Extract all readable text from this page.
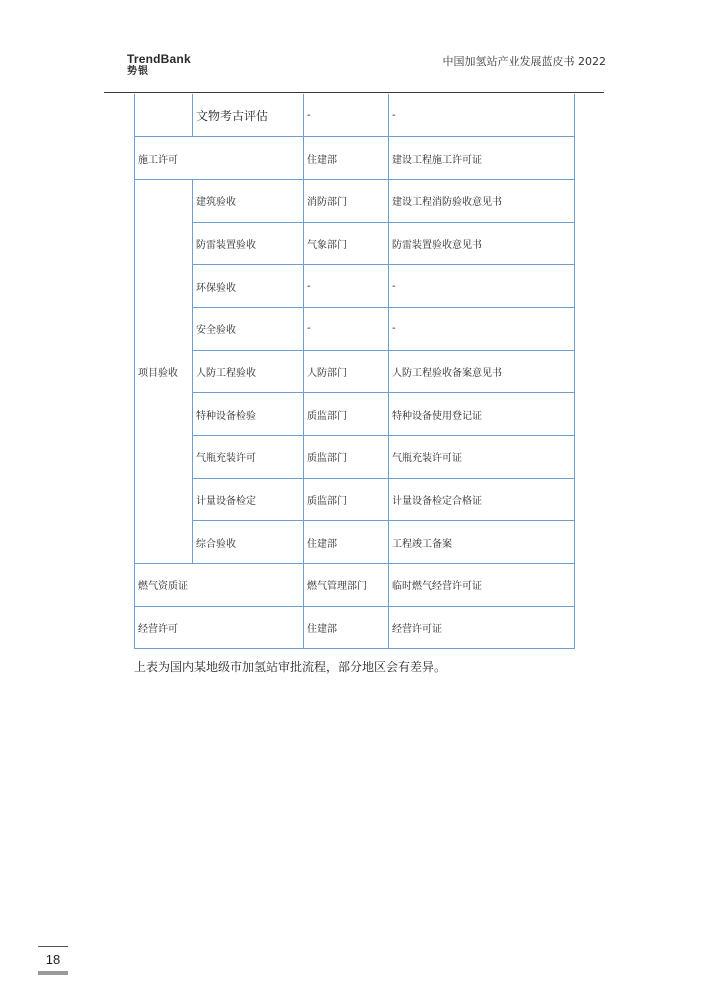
TrendBank
势银
中国加氢站产业发展蓝皮书 2022
	文物考古评估	-	-
施工许可		住建部	建设工程施工许可证
项目验收	建筑验收	消防部门	建设工程消防验收意见书
	防雷装置验收	气象部门	防雷装置验收意见书
	环保验收	-	-
	安全验收	-	-
	人防工程验收	人防部门	人防工程验收备案意见书
	特种设备检验	质监部门	特种设备使用登记证
	气瓶充装许可	质监部门	气瓶充装许可证
	计量设备检定	质监部门	计量设备检定合格证
	综合验收	住建部	工程竣工备案
燃气资质证		燃气管理部门	临时燃气经营许可证
经营许可		住建部	经营许可证
上表为国内某地级市加氢站审批流程，部分地区会有差异。
18
